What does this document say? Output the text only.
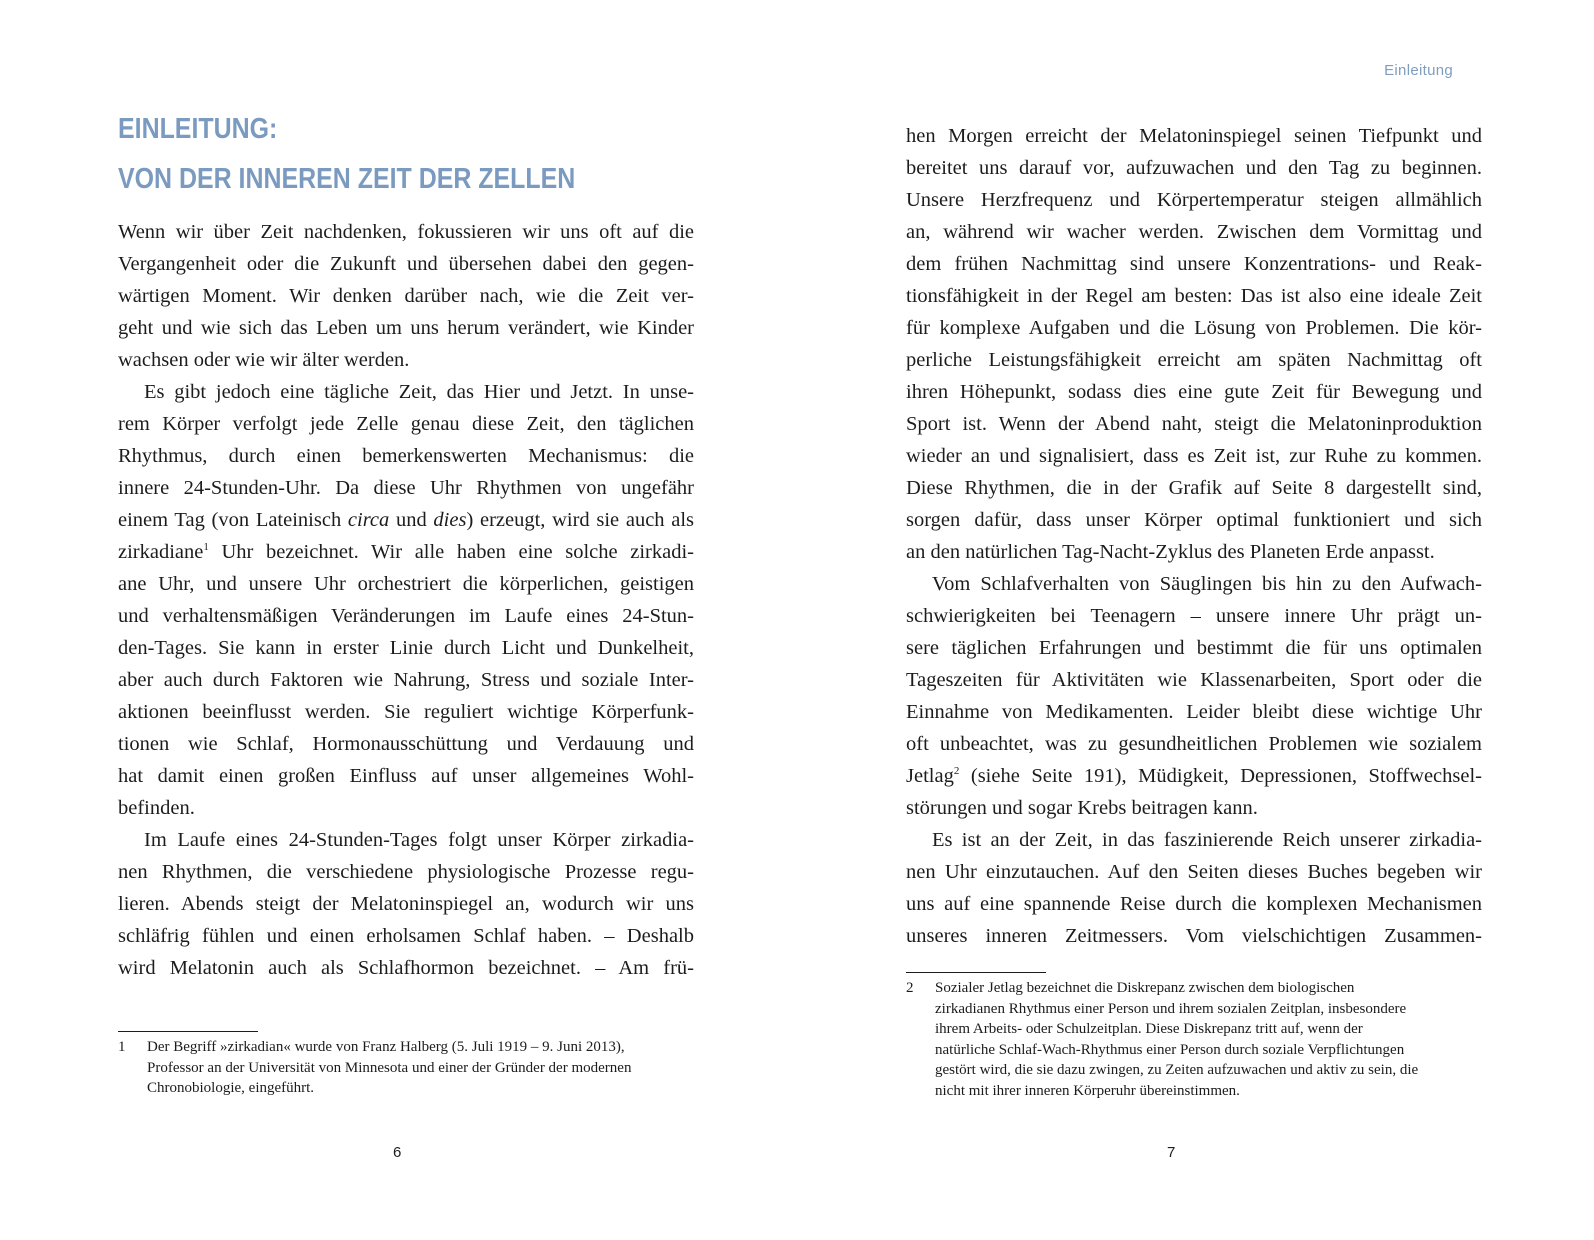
EINLEITUNG:
VON DER INNEREN ZEIT DER ZELLEN

Wenn wir über Zeit nachdenken, fokussieren wir uns oft auf die
Vergangenheit oder die Zukunft und übersehen dabei den gegen-
wärtigen Moment. Wir denken darüber nach, wie die Zeit ver-
geht und wie sich das Leben um uns herum verändert, wie Kinder
wachsen oder wie wir älter werden.

Es gibt jedoch eine tägliche Zeit, das Hier und Jetzt. In unse-
rem Körper verfolgt jede Zelle genau diese Zeit, den täglichen
Rhythmus, durch einen bemerkenswerten Mechanismus: die
innere 24-Stunden-Uhr. Da diese Uhr Rhythmen von ungefähr
einem Tag (von Lateinisch circa und dies) erzeugt, wird sie auch als
zirkadiane$^1$ Uhr bezeichnet. Wir alle haben eine solche zirkadi-
ane Uhr, und unsere Uhr orchestriert die körperlichen, geistigen
und verhaltensmäßigen Veränderungen im Laufe eines 24-Stun-
den-Tages. Sie kann in erster Linie durch Licht und Dunkelheit,
aber auch durch Faktoren wie Nahrung, Stress und soziale Inter-
aktionen beeinflusst werden. Sie reguliert wichtige Körperfunk-
tionen wie Schlaf, Hormonausschüttung und Verdauung und
hat damit einen großen Einfluss auf unser allgemeines Wohl-
befinden.

Im Laufe eines 24-Stunden-Tages folgt unser Körper zirkadia-
nen Rhythmen, die verschiedene physiologische Prozesse regu-
lieren. Abends steigt der Melatoninspiegel an, wodurch wir uns
schläfrig fühlen und einen erholsamen Schlaf haben. – Deshalb
wird Melatonin auch als Schlafhormon bezeichnet. – Am frü-

1 Der Begriff »zirkadian« wurde von Franz Halberg (5. Juli 1919 – 9. Juni 2013),
Professor an der Universität von Minnesota und einer der Gründer der modernen
Chronobiologie, eingeführt.
6
Einleitung

hen Morgen erreicht der Melatoninspiegel seinen Tiefpunkt und
bereitet uns darauf vor, aufzuwachen und den Tag zu beginnen.
Unsere Herzfrequenz und Körpertemperatur steigen allmählich
an, während wir wacher werden. Zwischen dem Vormittag und
dem frühen Nachmittag sind unsere Konzentrations- und Reak-
tionsfähigkeit in der Regel am besten: Das ist also eine ideale Zeit
für komplexe Aufgaben und die Lösung von Problemen. Die kör-
perliche Leistungsfähigkeit erreicht am späten Nachmittag oft
ihren Höhepunkt, sodass dies eine gute Zeit für Bewegung und
Sport ist. Wenn der Abend naht, steigt die Melatoninproduktion
wieder an und signalisiert, dass es Zeit ist, zur Ruhe zu kommen.
Diese Rhythmen, die in der Grafik auf Seite 8 dargestellt sind,
sorgen dafür, dass unser Körper optimal funktioniert und sich
an den natürlichen Tag-Nacht-Zyklus des Planeten Erde anpasst.

Vom Schlafverhalten von Säuglingen bis hin zu den Aufwach-
schwierigkeiten bei Teenagern – unsere innere Uhr prägt un-
sere täglichen Erfahrungen und bestimmt die für uns optimalen
Tageszeiten für Aktivitäten wie Klassenarbeiten, Sport oder die
Einnahme von Medikamenten. Leider bleibt diese wichtige Uhr
oft unbeachtet, was zu gesundheitlichen Problemen wie sozialem
Jetlag$^2$ (siehe Seite 191), Müdigkeit, Depressionen, Stoffwechsel-
störungen und sogar Krebs beitragen kann.

Es ist an der Zeit, in das faszinierende Reich unserer zirkadia-
nen Uhr einzutauchen. Auf den Seiten dieses Buches begeben wir
uns auf eine spannende Reise durch die komplexen Mechanismen
unseres inneren Zeitmessers. Vom vielschichtigen Zusammen-

2 Sozialer Jetlag bezeichnet die Diskrepanz zwischen dem biologischen
zirkadianen Rhythmus einer Person und ihrem sozialen Zeitplan, insbesondere
ihrem Arbeits- oder Schulzeitplan. Diese Diskrepanz tritt auf, wenn der
natürliche Schlaf-Wach-Rhythmus einer Person durch soziale Verpflichtungen
gestört wird, die sie dazu zwingen, zu Zeiten aufzuwachen und aktiv zu sein, die
nicht mit ihrer inneren Körperuhr übereinstimmen.
7
